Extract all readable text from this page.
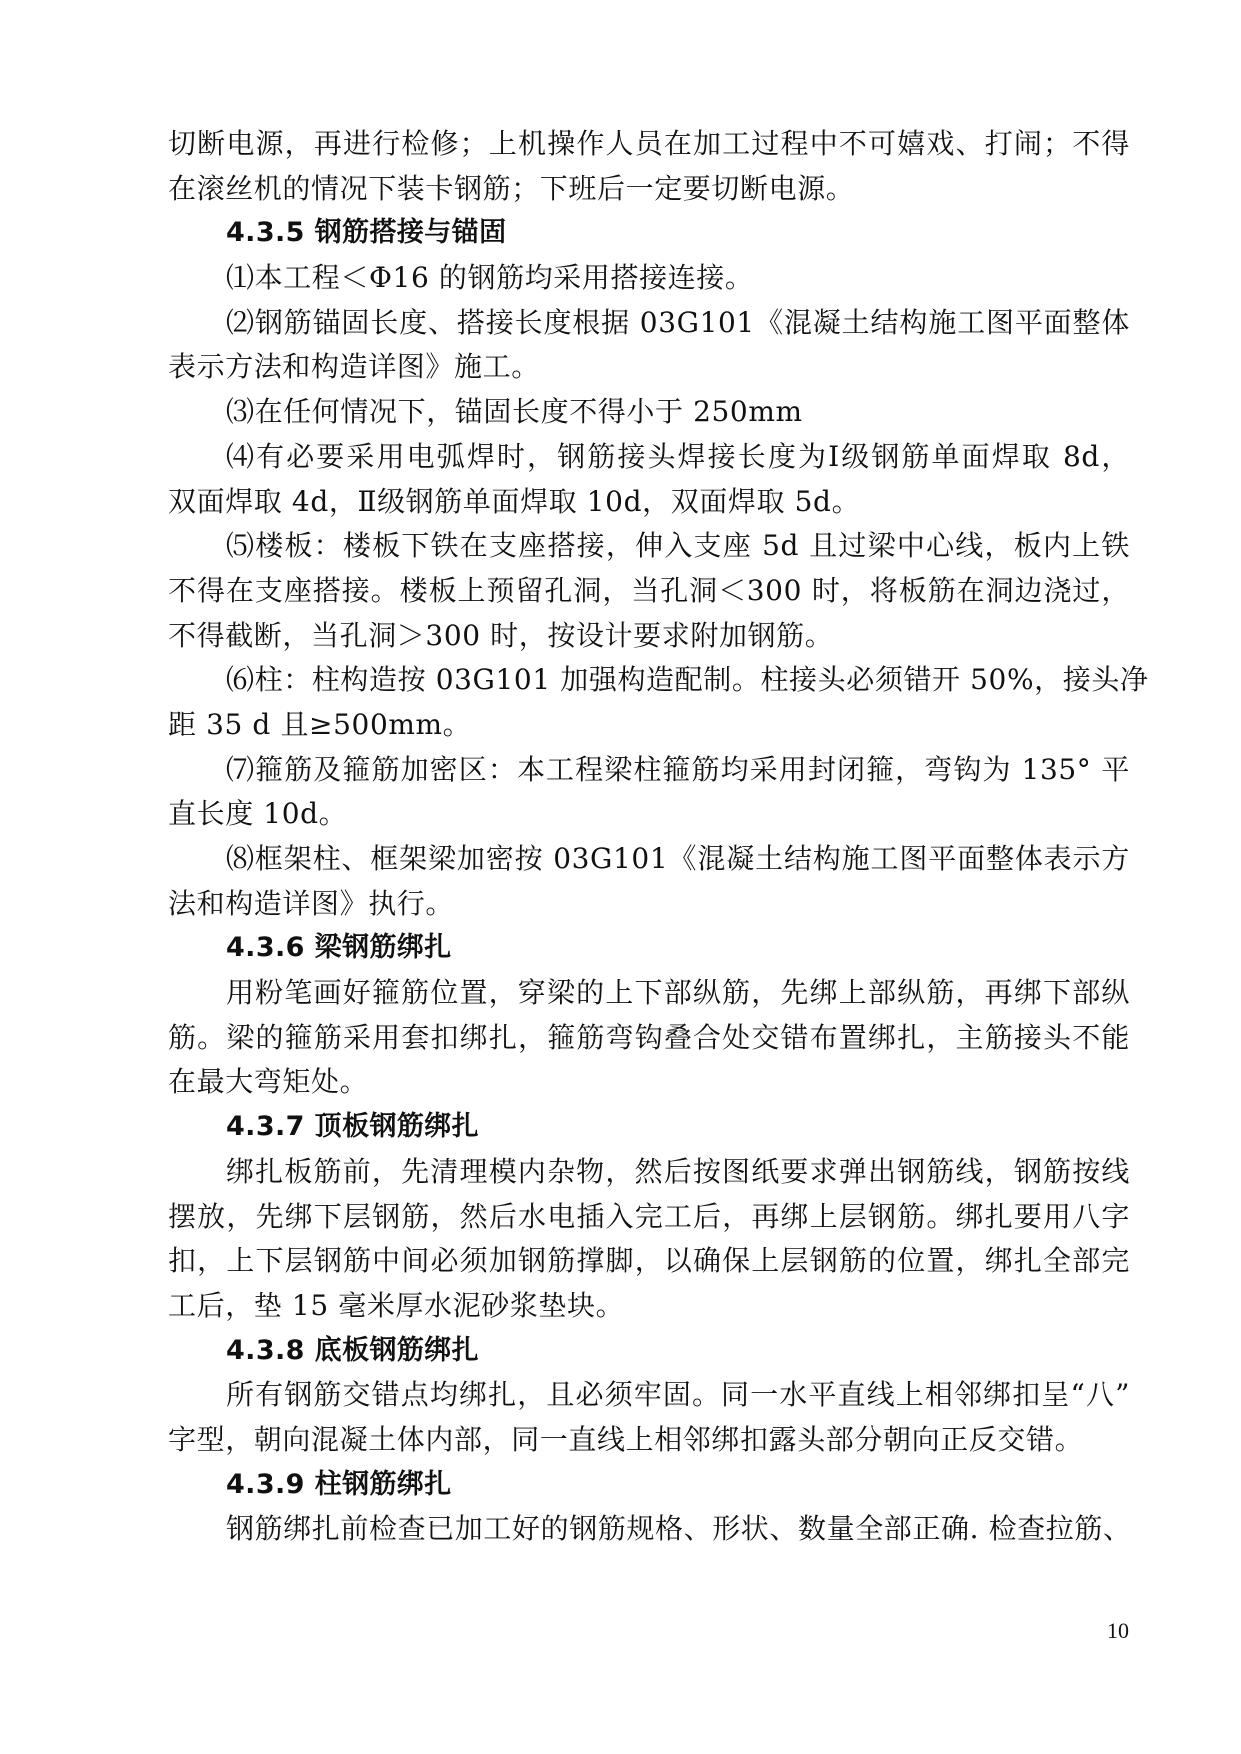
切断电源，再进行检修；上机操作人员在加工过程中不可嬉戏、打闹；不得
在滚丝机的情况下装卡钢筋；下班后一定要切断电源。
4.3.5 钢筋搭接与锚固
⑴本工程＜Φ16 的钢筋均采用搭接连接。
⑵钢筋锚固长度、搭接长度根据 03G101《混凝土结构施工图平面整体
表示方法和构造详图》施工。
⑶在任何情况下，锚固长度不得小于 250mm
⑷有必要采用电弧焊时，钢筋接头焊接长度为Ⅰ级钢筋单面焊取 8d，
双面焊取 4d，Ⅱ级钢筋单面焊取 10d，双面焊取 5d。
⑸楼板：楼板下铁在支座搭接，伸入支座 5d 且过梁中心线，板内上铁
不得在支座搭接。楼板上预留孔洞，当孔洞＜300 时，将板筋在洞边浇过，
不得截断，当孔洞＞300 时，按设计要求附加钢筋。
⑹柱：柱构造按 03G101 加强构造配制。柱接头必须错开 50%，接头净
距 35 d 且≥500mm。
⑺箍筋及箍筋加密区：本工程梁柱箍筋均采用封闭箍，弯钩为 135° 平
直长度 10d。
⑻框架柱、框架梁加密按 03G101《混凝土结构施工图平面整体表示方
法和构造详图》执行。
4.3.6 梁钢筋绑扎
用粉笔画好箍筋位置，穿梁的上下部纵筋，先绑上部纵筋，再绑下部纵
筋。梁的箍筋采用套扣绑扎，箍筋弯钩叠合处交错布置绑扎，主筋接头不能
在最大弯矩处。
4.3.7 顶板钢筋绑扎
绑扎板筋前，先清理模内杂物，然后按图纸要求弹出钢筋线，钢筋按线
摆放，先绑下层钢筋，然后水电插入完工后，再绑上层钢筋。绑扎要用八字
扣，上下层钢筋中间必须加钢筋撑脚，以确保上层钢筋的位置，绑扎全部完
工后，垫 15 毫米厚水泥砂浆垫块。
4.3.8 底板钢筋绑扎
所有钢筋交错点均绑扎，且必须牢固。同一水平直线上相邻绑扣呈“八”
字型，朝向混凝土体内部，同一直线上相邻绑扣露头部分朝向正反交错。
4.3.9 柱钢筋绑扎
钢筋绑扎前检查已加工好的钢筋规格、形状、数量全部正确. 检查拉筋、
10
